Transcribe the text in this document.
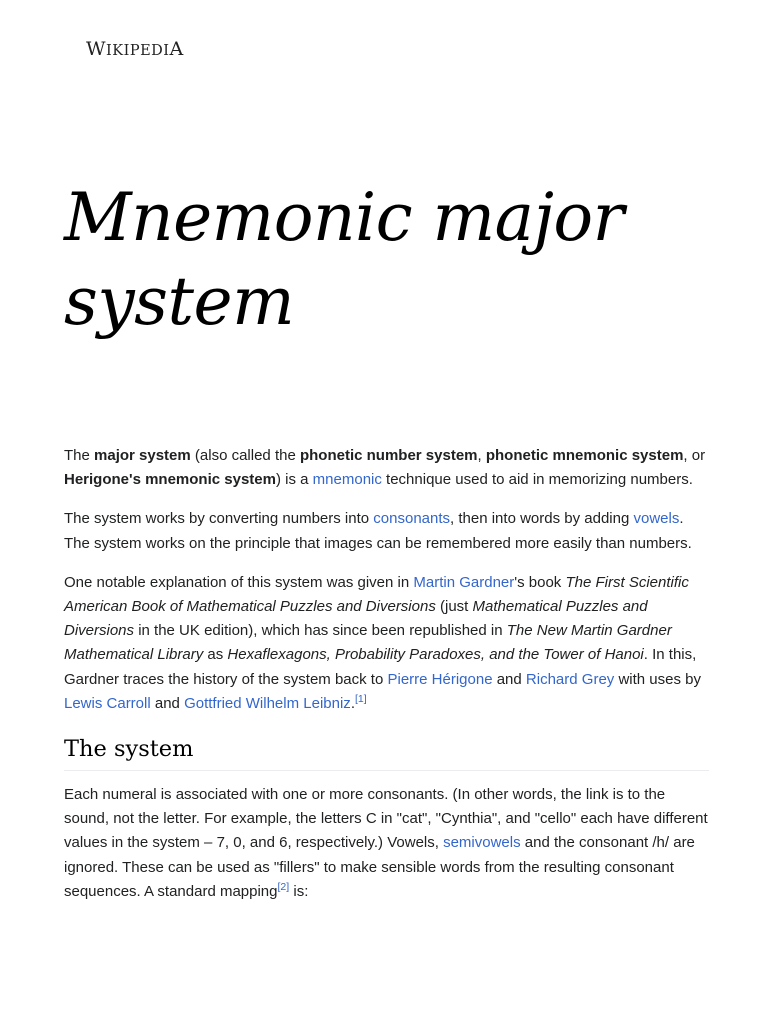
WIKIPEDIA
Mnemonic major system

The major system (also called the phonetic number system, phonetic mnemonic system, or Herigone's mnemonic system) is a mnemonic technique used to aid in memorizing numbers.

The system works by converting numbers into consonants, then into words by adding vowels. The system works on the principle that images can be remembered more easily than numbers.

One notable explanation of this system was given in Martin Gardner's book The First Scientific American Book of Mathematical Puzzles and Diversions (just Mathematical Puzzles and Diversions in the UK edition), which has since been republished in The New Martin Gardner Mathematical Library as Hexaflexagons, Probability Paradoxes, and the Tower of Hanoi. In this, Gardner traces the history of the system back to Pierre Hérigone and Richard Grey with uses by Lewis Carroll and Gottfried Wilhelm Leibniz.[1]

The system

Each numeral is associated with one or more consonants. (In other words, the link is to the sound, not the letter. For example, the letters C in "cat", "Cynthia", and "cello" each have different values in the system – 7, 0, and 6, respectively.) Vowels, semivowels and the consonant /h/ are ignored. These can be used as "fillers" to make sensible words from the resulting consonant sequences. A standard mapping[2] is:
